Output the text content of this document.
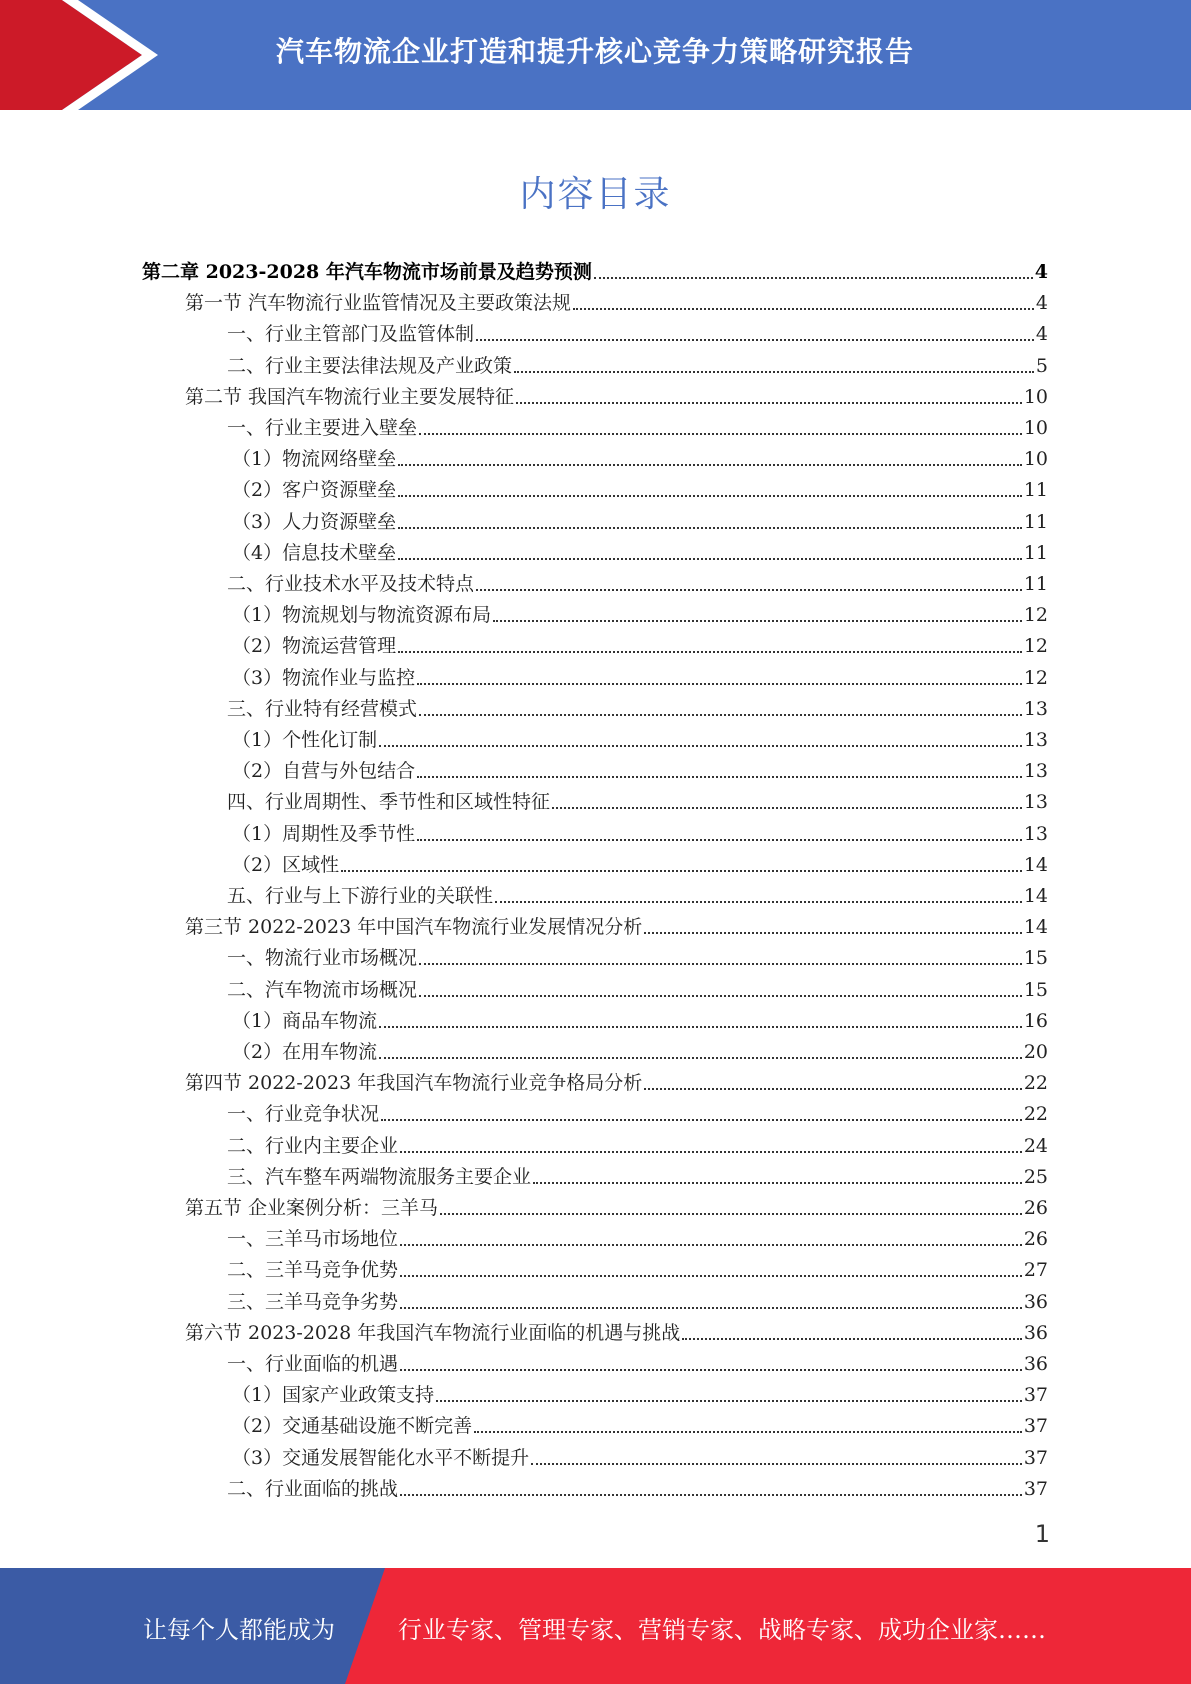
汽车物流企业打造和提升核心竞争力策略研究报告
内容目录
第二章 2023-2028 年汽车物流市场前景及趋势预测	4
第一节 汽车物流行业监管情况及主要政策法规	4
一、行业主管部门及监管体制	4
二、行业主要法律法规及产业政策	5
第二节 我国汽车物流行业主要发展特征	10
一、行业主要进入壁垒	10
（1）物流网络壁垒	10
（2）客户资源壁垒	11
（3）人力资源壁垒	11
（4）信息技术壁垒	11
二、行业技术水平及技术特点	11
（1）物流规划与物流资源布局	12
（2）物流运营管理	12
（3）物流作业与监控	12
三、行业特有经营模式	13
（1）个性化订制	13
（2）自营与外包结合	13
四、行业周期性、季节性和区域性特征	13
（1）周期性及季节性	13
（2）区域性	14
五、行业与上下游行业的关联性	14
第三节 2022-2023 年中国汽车物流行业发展情况分析	14
一、物流行业市场概况	15
二、汽车物流市场概况	15
（1）商品车物流	16
（2）在用车物流	20
第四节 2022-2023 年我国汽车物流行业竞争格局分析	22
一、行业竞争状况	22
二、行业内主要企业	24
三、汽车整车两端物流服务主要企业	25
第五节 企业案例分析：三羊马	26
一、三羊马市场地位	26
二、三羊马竞争优势	27
三、三羊马竞争劣势	36
第六节 2023-2028 年我国汽车物流行业面临的机遇与挑战	36
一、行业面临的机遇	36
（1）国家产业政策支持	37
（2）交通基础设施不断完善	37
（3）交通发展智能化水平不断提升	37
二、行业面临的挑战	37
1
让每个人都能成为	行业专家、管理专家、营销专家、战略专家、成功企业家……
